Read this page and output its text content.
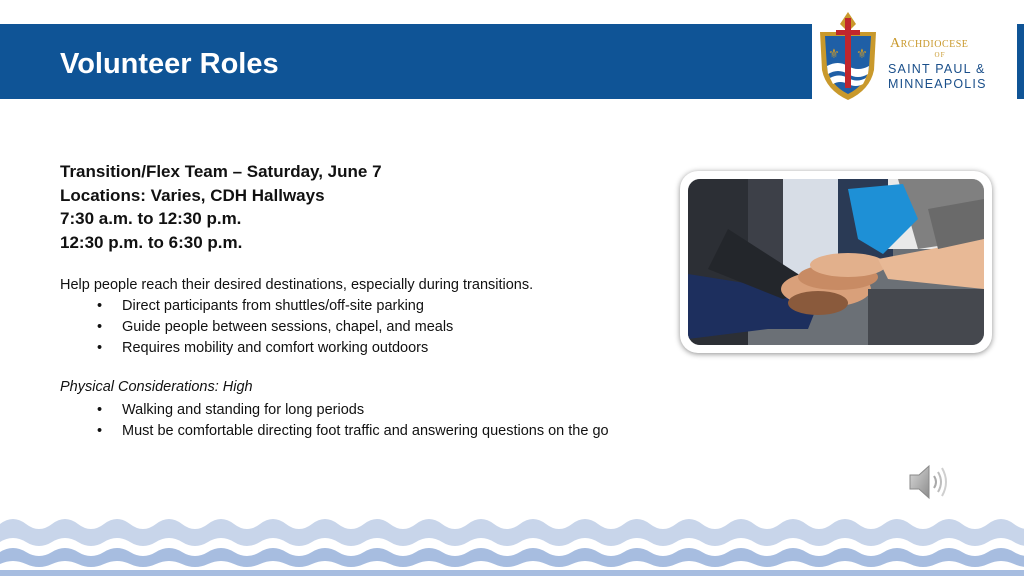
Volunteer Roles	⚜ ⚜
Archdiocese
OF
SAINT PAUL &
MINNEAPOLIS
Transition/Flex Team – Saturday, June 7
Locations: Varies, CDH Hallways
7:30 a.m. to 12:30 p.m.
12:30 p.m. to 6:30 p.m.
Help people reach their desired destinations, especially during transitions.
• Direct participants from shuttles/off-site parking
• Guide people between sessions, chapel, and meals
• Requires mobility and comfort working outdoors
Physical Considerations: High
• Walking and standing for long periods
• Must be comfortable directing foot traffic and answering questions on the go
